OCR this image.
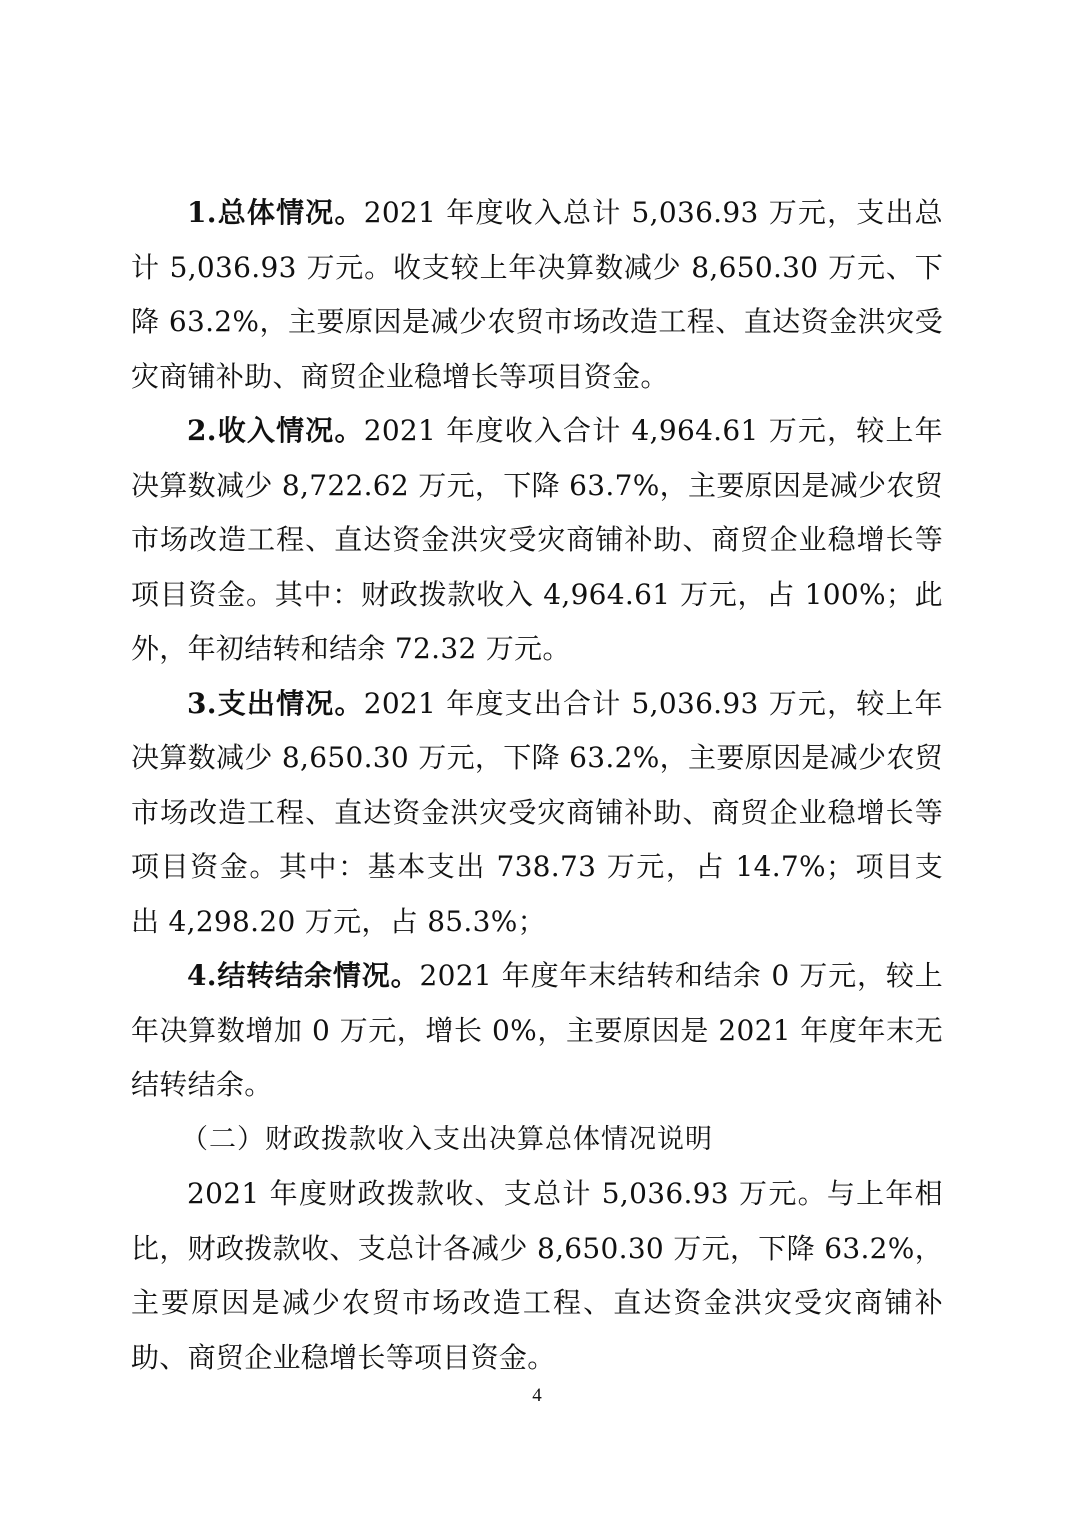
1.总体情况。2021 年度收入总计 5,036.93 万元，支出总计 5,036.93 万元。收支较上年决算数减少 8,650.30 万元、下降 63.2%，主要原因是减少农贸市场改造工程、直达资金洪灾受灾商铺补助、商贸企业稳增长等项目资金。

2.收入情况。2021 年度收入合计 4,964.61 万元，较上年决算数减少 8,722.62 万元，下降 63.7%，主要原因是减少农贸市场改造工程、直达资金洪灾受灾商铺补助、商贸企业稳增长等项目资金。其中：财政拨款收入 4,964.61 万元，占 100%；此外，年初结转和结余 72.32 万元。

3.支出情况。2021 年度支出合计 5,036.93 万元，较上年决算数减少 8,650.30 万元，下降 63.2%，主要原因是减少农贸市场改造工程、直达资金洪灾受灾商铺补助、商贸企业稳增长等项目资金。其中：基本支出 738.73 万元，占 14.7%；项目支出 4,298.20 万元，占 85.3%；

4.结转结余情况。2021 年度年末结转和结余 0 万元，较上年决算数增加 0 万元，增长 0%，主要原因是 2021 年度年末无结转结余。

（二）财政拨款收入支出决算总体情况说明

2021 年度财政拨款收、支总计 5,036.93 万元。与上年相比，财政拨款收、支总计各减少 8,650.30 万元，下降 63.2%，主要原因是减少农贸市场改造工程、直达资金洪灾受灾商铺补助、商贸企业稳增长等项目资金。

4
